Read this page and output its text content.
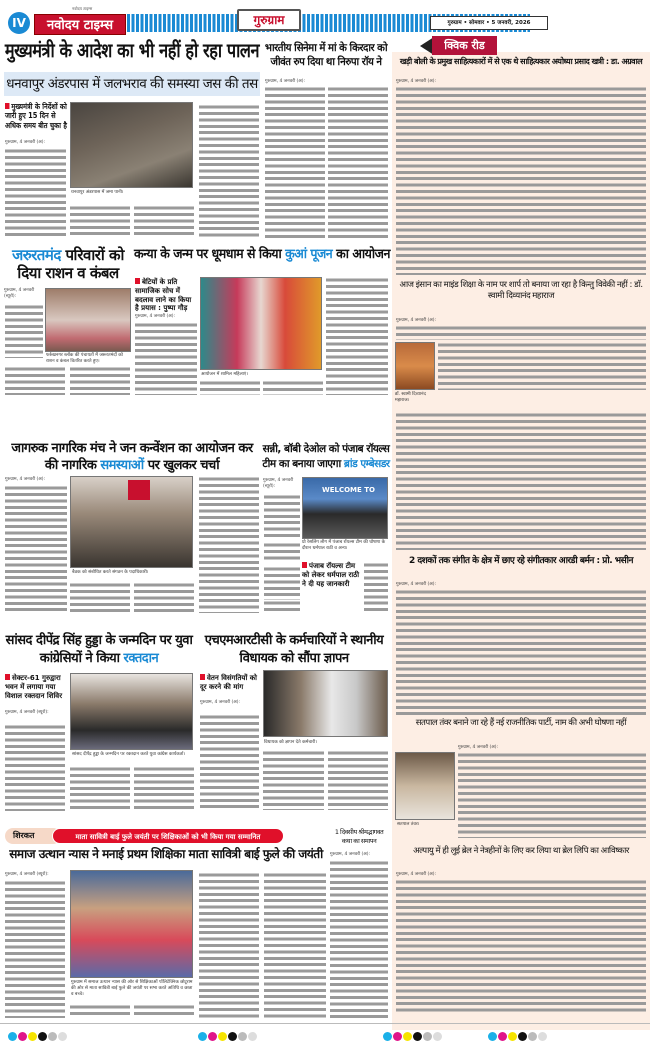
IV
नवोदय टाइम्स
नवोदय टाइम्स	गुरुग्राम	गुरुग्राम • सोमवार • 5 जनवरी, 2026
मुख्यमंत्री के आदेश का भी नहीं हो रहा पालन
धनवापुर अंडरपास में जलभराव की समस्या जस की तस
मुख्यमंत्री के निर्देशों को जारी हुए 15 दिन से अधिक समय बीत चुका है
गुरुग्राम, 4 जनवरी (अ):
धनवापुर अंडरपास में जमा पानी।
भारतीय सिनेमा में मां के किरदार को जीवंत रुप दिया था निरुपा रॉय ने
गुरुग्राम, 4 जनवरी (अ):
क्विक रीड
खड़ी बोली के प्रमुख साहित्यकारों में से एक थे साहित्यकार अयोध्या प्रसाद खत्री : डा. अग्रवाल
गुरुग्राम, 4 जनवरी (अ):
आज इंसान का माइंड शिक्षा के नाम पर शार्प तो बनाया जा रहा है किन्तु विवेकी नहीं : डॉ. स्वामी दिव्यानंद महाराज
गुरुग्राम, 4 जनवरी (अ):
डॉ. स्वामी दिव्यानंद महाराज।
2 दशकों तक संगीत के क्षेत्र में छाए रहे संगीतकार आरडी बर्मन : प्रो. भसीन
गुरुग्राम, 4 जनवरी (अ):
सतपाल तंवर बनाने जा रहे हैं नई राजनीतिक पार्टी, नाम की अभी घोषणा नहीं
गुरुग्राम, 4 जनवरी (अ):
सतपाल तंवर।
अल्पायु में ही लुई ब्रेल ने नेत्रहीनों के लिए कर लिया था ब्रेल लिपि का आविष्कार
गुरुग्राम, 4 जनवरी (अ):
जरुरतमंद परिवारों को दिया राशन व कंबल
गुरुग्राम, 4 जनवरी (ब्यूरो):
फर्रुखनगर ब्लॉक की पंचायतों में जरूरतमंदों को राशन व कंबल वितरित करते हुए।
कन्या के जन्म पर धूमधाम से किया कुआं पूजन का आयोजन
बेटियों के प्रति सामाजिक सोच में बदलाव लाने का किया है प्रयास : पुष्पा गौड़
गुरुग्राम, 4 जनवरी (अ):
आयोजन में शामिल महिलाएं।
जागरुक नागरिक मंच ने जन कन्वेंशन का आयोजन कर की नागरिक समस्याओं पर खुलकर चर्चा
गुरुग्राम, 4 जनवरी (अ):
बैठक को संबोधित करते संगठन के पदाधिकारी।
सन्नी, बॉबी देओल को पंजाब रॉयल्स टीम का बनाया जाएगा ब्रांड एम्बेसडर
गुरुग्राम, 4 जनवरी (ब्यूरो):	WELCOME TO
प्रो रेसलिंग लीग में पंजाब रॉयल्स टीम की घोषणा के दौरान धर्मपाल राठी व अन्य।
पंजाब रॉयल्स टीम को लेकर धर्मपाल राठी ने दी यह जानकारी
सांसद दीपेंद्र सिंह हुड्डा के जन्मदिन पर युवा कांग्रेसियों ने किया रक्तदान
सेक्टर-61 गुरुद्वारा भवन में लगाया गया विशाल रक्तदान शिविर
गुरुग्राम, 4 जनवरी (ब्यूरो):
सांसद दीपेंद्र हुड्डा के जन्मदिन पर रक्तदान करते युवा कांग्रेस कार्यकर्ता।
एचएमआरटीसी के कर्मचारियों ने स्थानीय विधायक को सौंपा ज्ञापन
वेतन विसंगतियों को दूर करने की मांग
गुरुग्राम, 4 जनवरी (अ):
विधायक को ज्ञापन देते कर्मचारी।
शिरकत	माता सावित्री बाई फुले जयंती पर शिक्षिकाओं को भी किया गया सम्मानित
समाज उत्थान न्यास ने मनाई प्रथम शिक्षिका माता सावित्री बाई फुले की जयंती
गुरुग्राम, 4 जनवरी (ब्यूरो):
गुरुग्राम में समाज उत्थान न्यास की ओर से शिक्षिकाओं पॉलिटेक्निक छोटूराम की ओर से माता सावित्री बाई फुले की जयंती पर सभा करते अतिथि व छात्रा व बच्चे।
1 दिवसीय श्रीमद्भागवत कथा का समापन
गुरुग्राम, 4 जनवरी (अ):
